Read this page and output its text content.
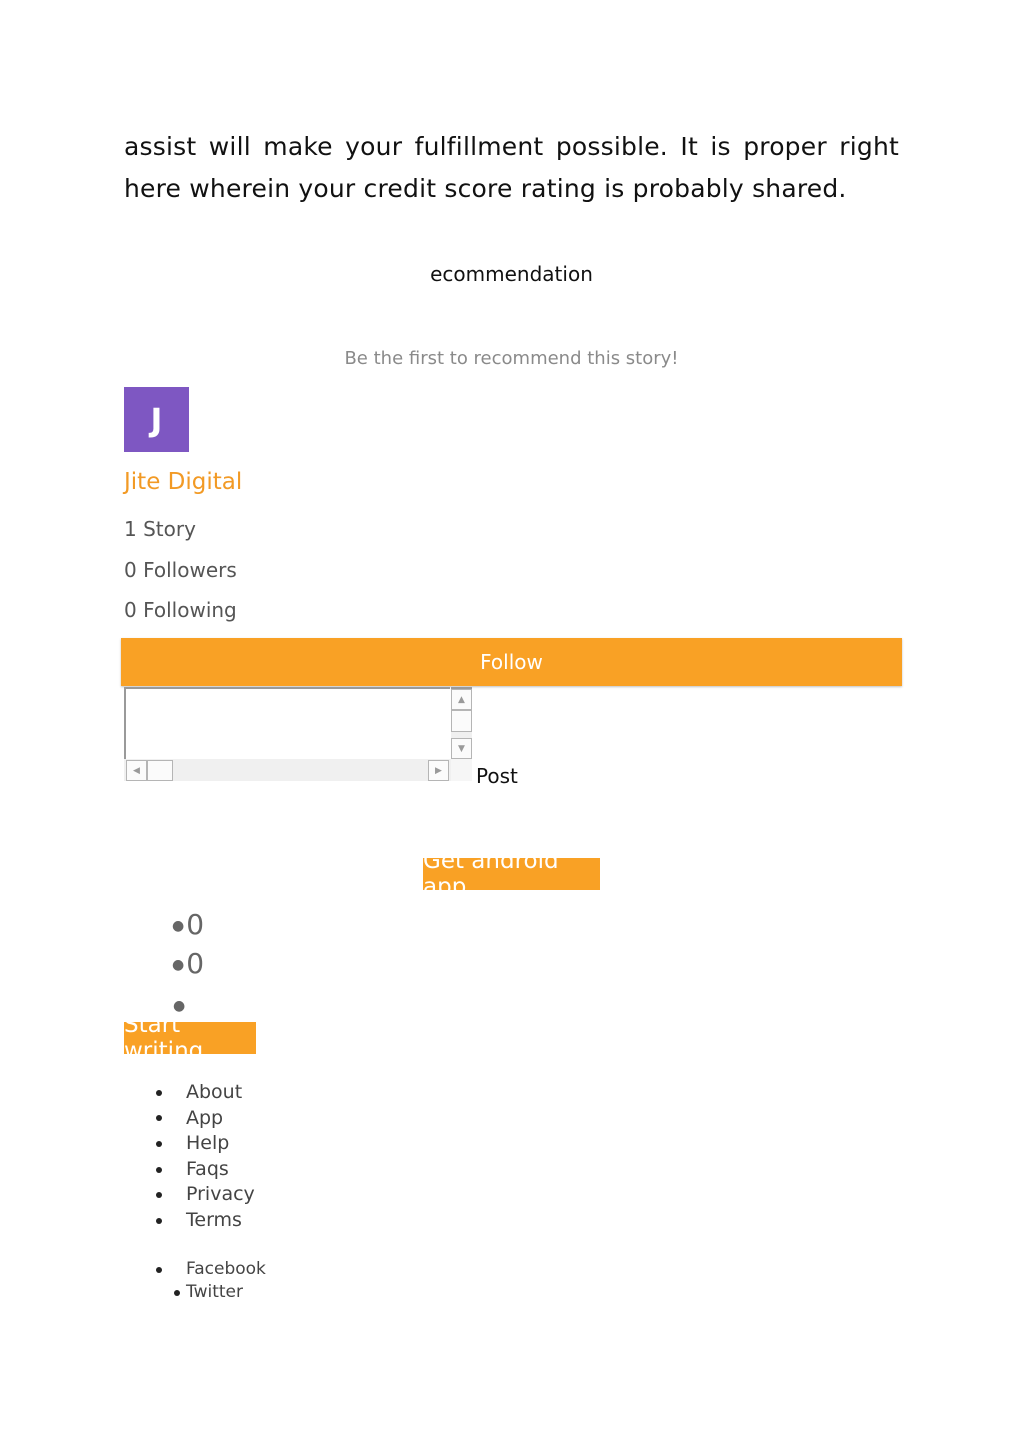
assist will make your fulfillment possible. It is proper right here wherein your credit score rating is probably shared.
ecommendation
Be the first to recommend this story!
J
Jite Digital
1 Story
0 Followers
0 Following
Follow
▲
▼
◀	▶	Post
Get android app
●0
●0
●
Start writing
About
App
Help
Faqs
Privacy
Terms
Facebook
Twitter
